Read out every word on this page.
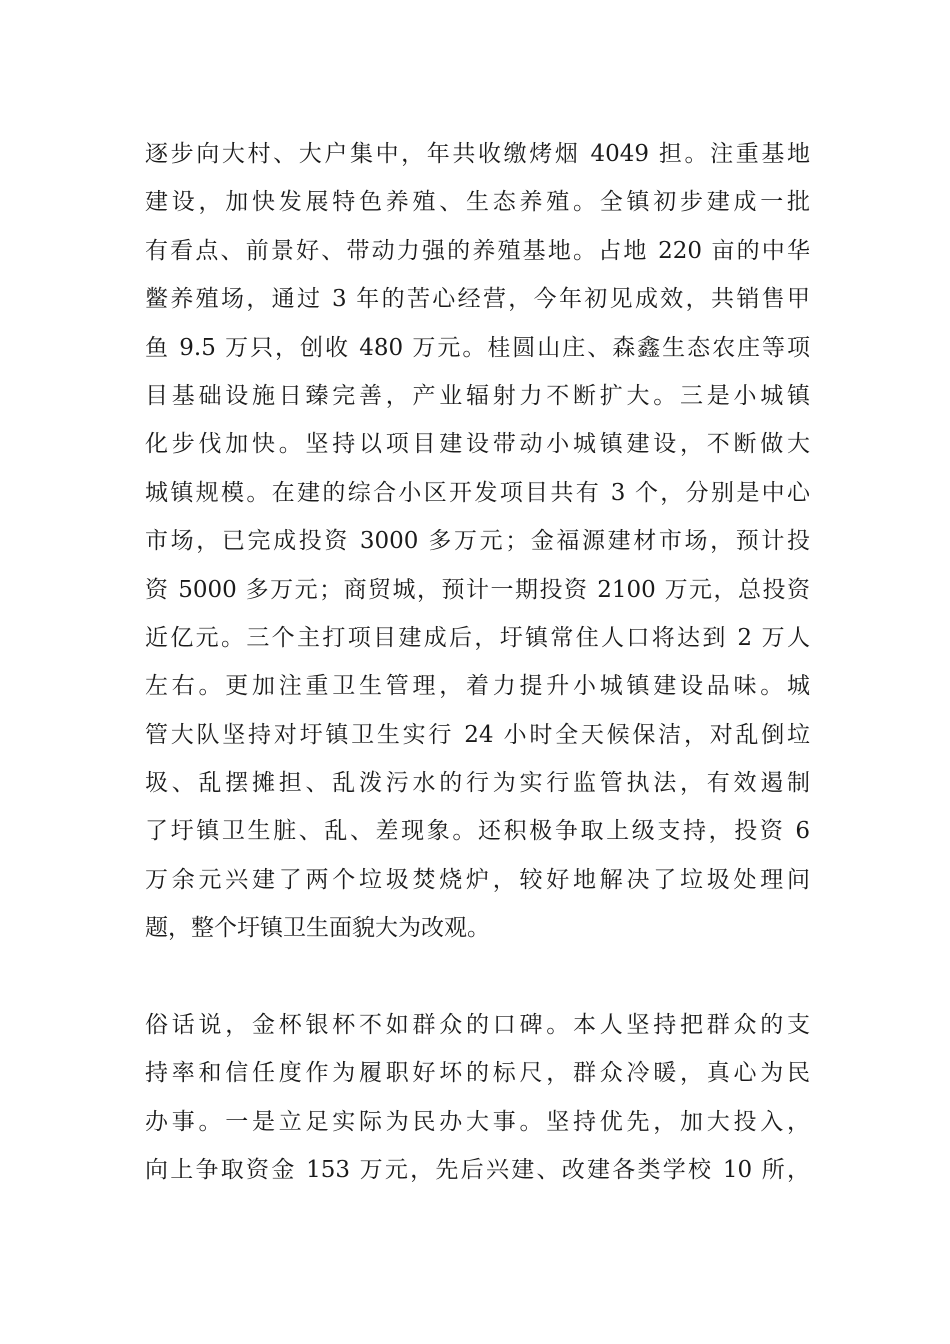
逐步向大村、大户集中，年共收缴烤烟 4049 担。注重基地
建设，加快发展特色养殖、生态养殖。全镇初步建成一批
有看点、前景好、带动力强的养殖基地。占地 220 亩的中华
鳖养殖场，通过 3 年的苦心经营，今年初见成效，共销售甲
鱼 9.5 万只，创收 480 万元。桂圆山庄、森鑫生态农庄等项
目基础设施日臻完善，产业辐射力不断扩大。三是小城镇
化步伐加快。坚持以项目建设带动小城镇建设，不断做大
城镇规模。在建的综合小区开发项目共有 3 个，分别是中心
市场，已完成投资 3000 多万元；金福源建材市场，预计投
资 5000 多万元；商贸城，预计一期投资 2100 万元，总投资
近亿元。三个主打项目建成后，圩镇常住人口将达到 2 万人
左右。更加注重卫生管理，着力提升小城镇建设品味。城
管大队坚持对圩镇卫生实行 24 小时全天候保洁，对乱倒垃
圾、乱摆摊担、乱泼污水的行为实行监管执法，有效遏制
了圩镇卫生脏、乱、差现象。还积极争取上级支持，投资 6
万余元兴建了两个垃圾焚烧炉，较好地解决了垃圾处理问
题，整个圩镇卫生面貌大为改观。
俗话说，金杯银杯不如群众的口碑。本人坚持把群众的支
持率和信任度作为履职好坏的标尺，群众冷暖，真心为民
办事。一是立足实际为民办大事。坚持优先，加大投入，
向上争取资金 153 万元，先后兴建、改建各类学校 10 所，
